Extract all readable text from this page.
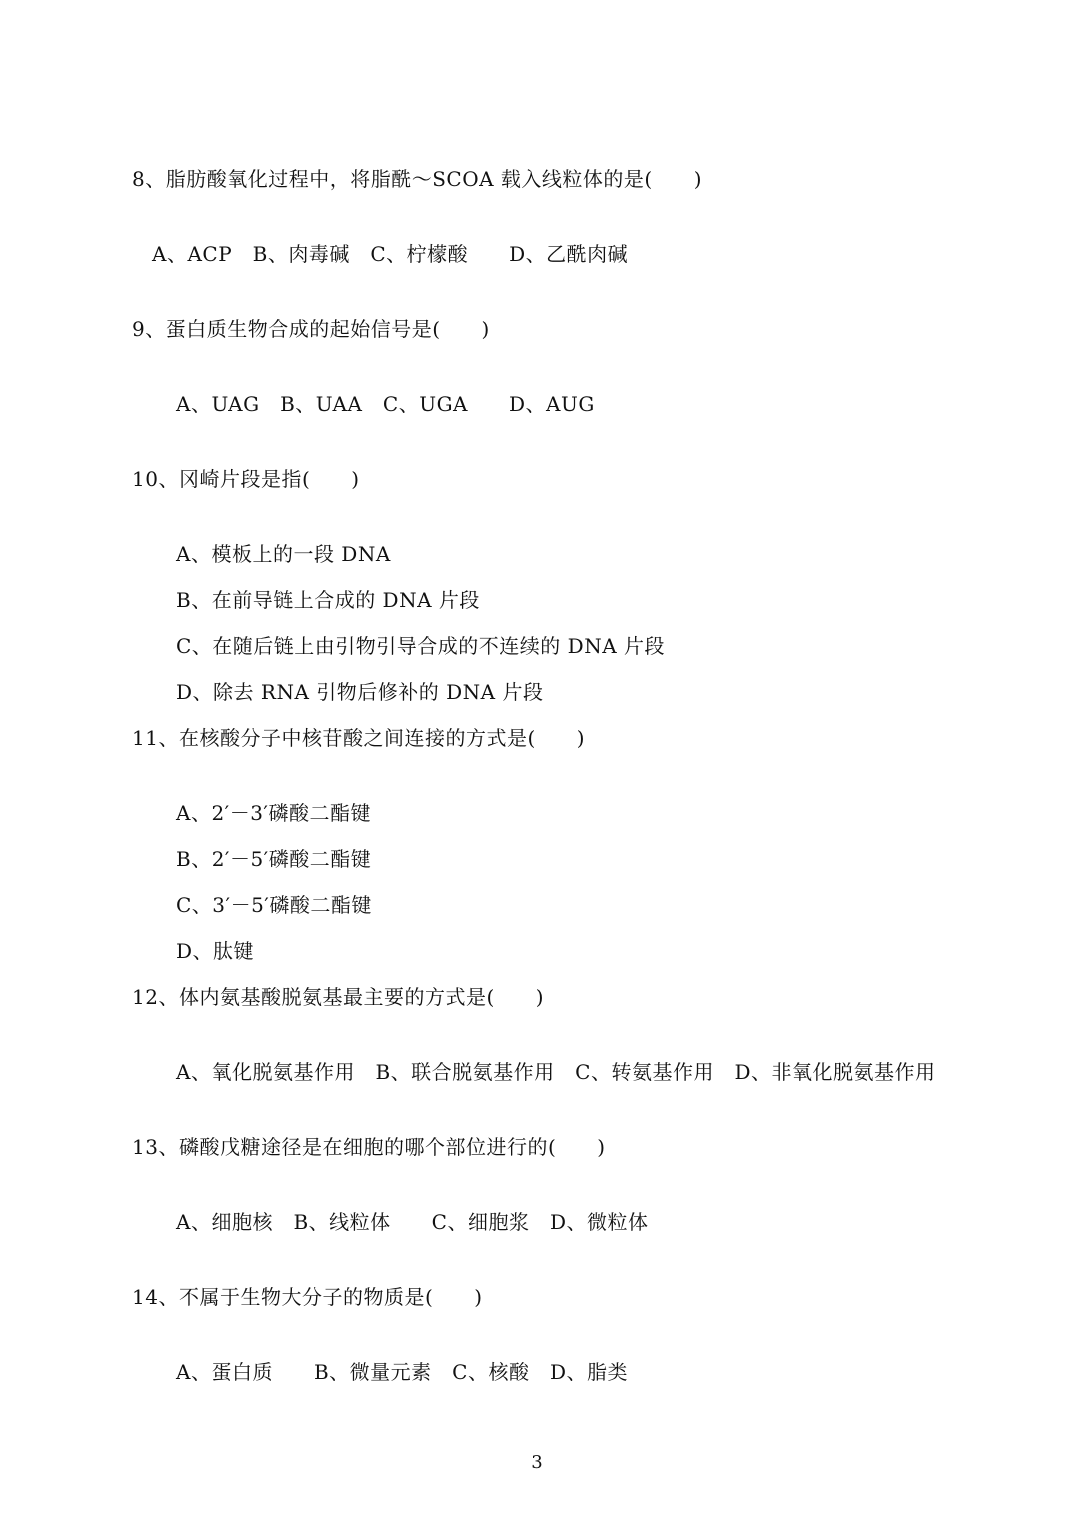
8、脂肪酸氧化过程中，将脂酰～SCOA 载入线粒体的是(　　)
A、ACP　B、肉毒碱　C、柠檬酸　　D、乙酰肉碱
9、蛋白质生物合成的起始信号是(　　)
A、UAG　B、UAA　C、UGA　　D、AUG
10、冈崎片段是指(　　)
A、模板上的一段 DNA
B、在前导链上合成的 DNA 片段
C、在随后链上由引物引导合成的不连续的 DNA 片段
D、除去 RNA 引物后修补的 DNA 片段
11、在核酸分子中核苷酸之间连接的方式是(　　)
A、2′－3′磷酸二酯键
B、2′－5′磷酸二酯键
C、3′－5′磷酸二酯键
D、肽键
12、体内氨基酸脱氨基最主要的方式是(　　)
A、氧化脱氨基作用　B、联合脱氨基作用　C、转氨基作用　D、非氧化脱氨基作用
13、磷酸戊糖途径是在细胞的哪个部位进行的(　　)
A、细胞核　B、线粒体　　C、细胞浆　D、微粒体
14、不属于生物大分子的物质是(　　)
A、蛋白质　　B、微量元素　C、核酸　D、脂类
3
